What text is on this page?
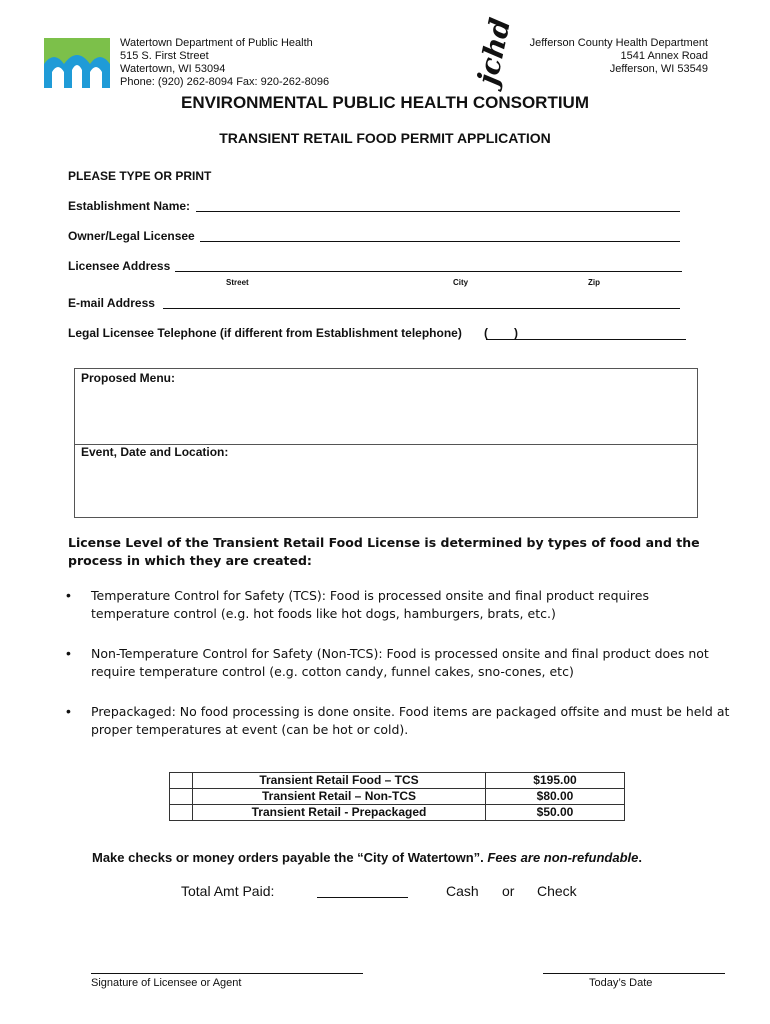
Watertown Department of Public Health
515 S. First Street
Watertown, WI 53094
Phone: (920) 262-8094 Fax: 920-262-8096	jchd	Jefferson County Health Department
1541 Annex Road
Jefferson, WI 53549
ENVIRONMENTAL PUBLIC HEALTH CONSORTIUM
TRANSIENT RETAIL FOOD PERMIT APPLICATION
PLEASE TYPE OR PRINT
Establishment Name:
Owner/Legal Licensee
Licensee Address
Street	City	Zip
E-mail Address
Legal Licensee Telephone (if different from Establishment telephone) ( )
Proposed Menu:
Event, Date and Location:
License Level of the Transient Retail Food License is determined by types of food and the process in which they are created:
• Temperature Control for Safety (TCS): Food is processed onsite and final product requires temperature control (e.g. hot foods like hot dogs, hamburgers, brats, etc.)
• Non-Temperature Control for Safety (Non-TCS): Food is processed onsite and final product does not require temperature control (e.g. cotton candy, funnel cakes, sno-cones, etc)
• Prepackaged: No food processing is done onsite. Food items are packaged offsite and must be held at proper temperatures at event (can be hot or cold).
	Transient Retail Food – TCS	$195.00
	Transient Retail – Non-TCS	$80.00
	Transient Retail - Prepackaged	$50.00
Make checks or money orders payable the “City of Watertown”. Fees are non-refundable.
Total Amt Paid:	Cash or Check
Signature of Licensee or Agent	Today’s Date
